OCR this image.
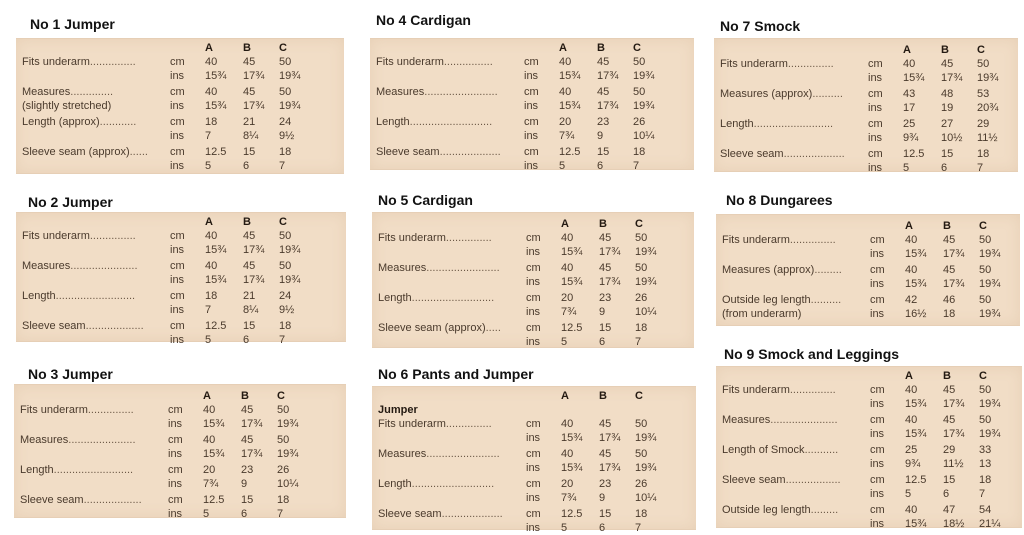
No 1 Jumper
A	B	C
Fits underarm...............	cm 40 45 50
ins 15¾ 17¾ 19¾
Measures..............	cm 40 45 50
(slightly stretched)	ins 15¾ 17¾ 19¾
Length (approx)............	cm 18 21 24
ins 7	8¼ 9½
Sleeve seam (approx)...... cm 12.5 15 18
ins 5	6	7
No 2 Jumper
A	B	C
Fits underarm...............	cm 40 45 50
ins 15¾ 17¾ 19¾
Measures......................	cm 40 45 50
ins 15¾ 17¾ 19¾
Length..........................	cm 18 21 24
ins 7	8¼ 9½
Sleeve seam................... cm 12.5 15 18
ins 5	6	7
No 3 Jumper
A	B	C
Fits underarm...............	cm 40 45 50
ins 15¾ 17¾ 19¾
Measures......................	cm 40 45 50
ins 15¾ 17¾ 19¾
Length..........................	cm 20 23 26
ins 7¾ 9	10¼
Sleeve seam................... cm 12.5 15 18
ins 5	6	7
No 4 Cardigan
A	B	C
Fits underarm................	cm 40 45 50
ins 15¾ 17¾ 19¾
Measures........................ cm 40 45 50
ins 15¾ 17¾ 19¾
Length...........................	cm 20 23 26
ins 7¾ 9	10¼
Sleeve seam.................... cm 12.5 15 18
ins 5	6	7
No 5 Cardigan
A	B	C
Fits underarm...............	cm 40 45 50
ins 15¾ 17¾ 19¾
Measures........................ cm 40 45 50
ins 15¾ 17¾ 19¾
Length...........................	cm 20 23 26
ins 7¾ 9	10¼
Sleeve seam (approx)..... cm 12.5 15 18
ins 5	6	7
No 6 Pants and Jumper
A	B	C
Jumper
Fits underarm...............	cm 40 45 50
ins 15¾ 17¾ 19¾
Measures........................ cm 40 45 50
ins 15¾ 17¾ 19¾
Length...........................	cm 20 23 26
ins 7¾ 9	10¼
Sleeve seam.................... cm 12.5 15 18
ins 5	6	7
No 7 Smock
A	B	C
Fits underarm...............	cm 40 45 50
ins 15¾ 17¾ 19¾
Measures (approx).......... cm 43 48 53
ins 17 19 20¾
Length..........................	cm 25 27 29
ins 9¾ 10½ 11½
Sleeve seam.................... cm 12.5 15 18
ins 5	6	7
No 8 Dungarees
A	B	C
Fits underarm...............	cm 40 45 50
ins 15¾ 17¾ 19¾
Measures (approx).........	cm 40 45 50
ins 15¾ 17¾ 19¾
Outside leg length..........	cm 42 46 50
(from underarm)	ins 16½ 18 19¾
No 9 Smock and Leggings
A	B	C
Fits underarm...............	cm 40 45 50
ins 15¾ 17¾ 19¾
Measures......................	cm 40 45 50
ins 15¾ 17¾ 19¾
Length of Smock...........	cm 25 29 33
ins 9¾ 11½ 13
Sleeve seam..................	cm 12.5 15 18
ins 5	6	7
Outside leg length.........	cm 40 47 54
ins 15¾ 18½ 21¼
